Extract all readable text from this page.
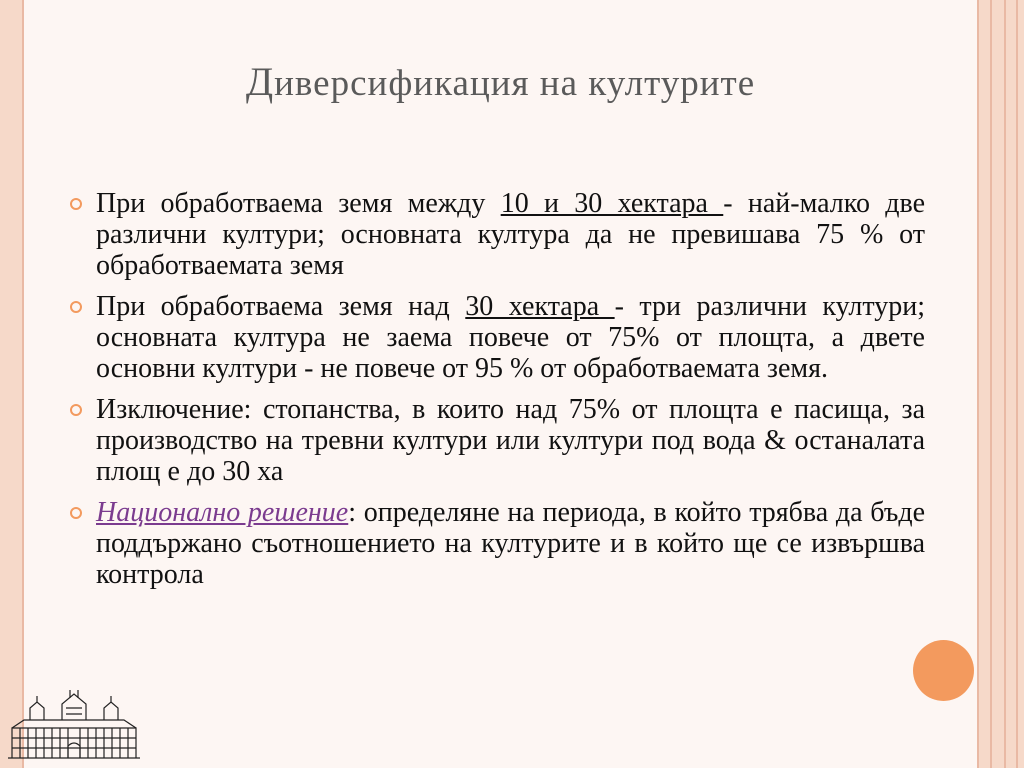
Диверсификация на културите
При обработваема земя между 10 и 30 хектара - най-малко две различни култури; основната култура да не превишава 75 % от обработваемата земя
При обработваема земя над 30 хектара - три различни култури; основната култура не заема повече от 75% от площта, а двете основни култури - не повече от 95 % от обработваемата земя.
Изключение: стопанства, в които над 75% от площта е пасища, за производство на тревни култури или култури под вода & останалата площ е до 30 ха
Национално решение: определяне на периода, в който трябва да бъде поддържано съотношението на културите и в който ще се извършва контрола
